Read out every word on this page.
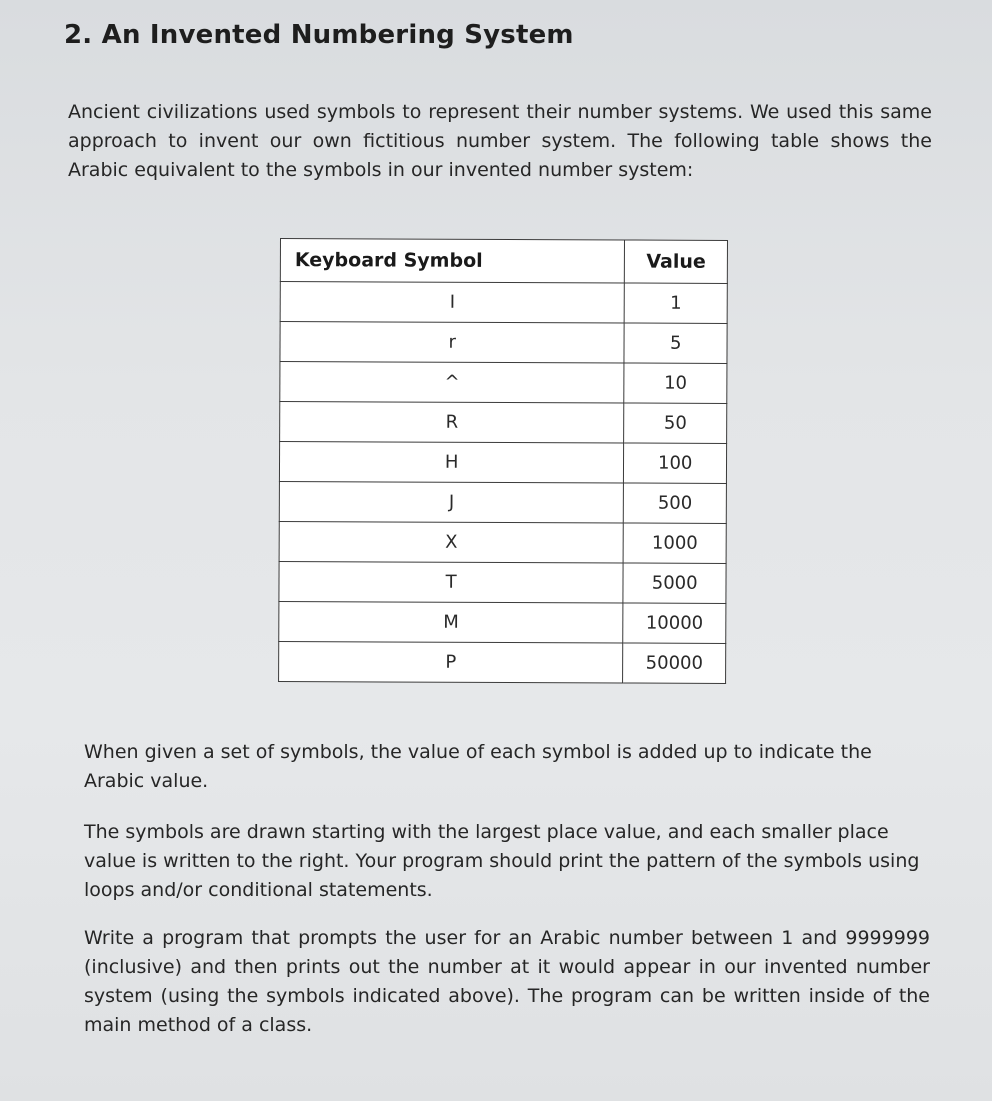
2. An Invented Numbering System

Ancient civilizations used symbols to represent their number systems. We used this same approach to invent our own fictitious number system. The following table shows the Arabic equivalent to the symbols in our invented number system:

Keyboard Symbol	Value
I	1
r	5
^	10
R	50
H	100
J	500
X	1000
T	5000
M	10000
P	50000

When given a set of symbols, the value of each symbol is added up to indicate the Arabic value.

The symbols are drawn starting with the largest place value, and each smaller place value is written to the right. Your program should print the pattern of the symbols using loops and/or conditional statements.

Write a program that prompts the user for an Arabic number between 1 and 9999999 (inclusive) and then prints out the number at it would appear in our invented number system (using the symbols indicated above). The program can be written inside of the main method of a class.
